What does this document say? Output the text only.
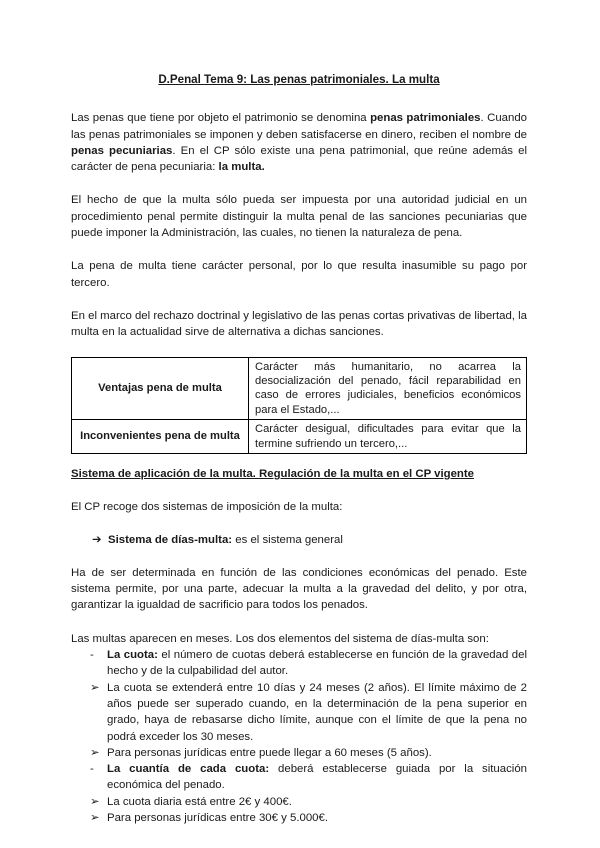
D.Penal Tema 9: Las penas patrimoniales. La multa

Las penas que tiene por objeto el patrimonio se denomina penas patrimoniales. Cuando las penas patrimoniales se imponen y deben satisfacerse en dinero, reciben el nombre de penas pecuniarias. En el CP sólo existe una pena patrimonial, que reúne además el carácter de pena pecuniaria: la multa.

El hecho de que la multa sólo pueda ser impuesta por una autoridad judicial en un procedimiento penal permite distinguir la multa penal de las sanciones pecuniarias que puede imponer la Administración, las cuales, no tienen la naturaleza de pena.

La pena de multa tiene carácter personal, por lo que resulta inasumible su pago por tercero.

En el marco del rechazo doctrinal y legislativo de las penas cortas privativas de libertad, la multa en la actualidad sirve de alternativa a dichas sanciones.

Ventajas pena de multa	Carácter más humanitario, no acarrea la desocialización del penado, fácil reparabilidad en caso de errores judiciales, beneficios económicos para el Estado,...
Inconvenientes pena de multa	Carácter desigual, dificultades para evitar que la termine sufriendo un tercero,...

Sistema de aplicación de la multa. Regulación de la multa en el CP vigente

El CP recoge dos sistemas de imposición de la multa:

➔ Sistema de días-multa: es el sistema general

Ha de ser determinada en función de las condiciones económicas del penado. Este sistema permite, por una parte, adecuar la multa a la gravedad del delito, y por otra, garantizar la igualdad de sacrificio para todos los penados.

Las multas aparecen en meses. Los dos elementos del sistema de días-multa son:

-	La cuota: el número de cuotas deberá establecerse en función de la gravedad del hecho y de la culpabilidad del autor.
➢ La cuota se extenderá entre 10 días y 24 meses (2 años). El límite máximo de 2 años puede ser superado cuando, en la determinación de la pena superior en grado, haya de rebasarse dicho límite, aunque con el límite de que la pena no podrá exceder los 30 meses.
➢ Para personas jurídicas entre puede llegar a 60 meses (5 años).
-	La cuantía de cada cuota: deberá establecerse guiada por la situación económica del penado.
➢ La cuota diaria está entre 2€ y 400€.
➢ Para personas jurídicas entre 30€ y 5.000€.
